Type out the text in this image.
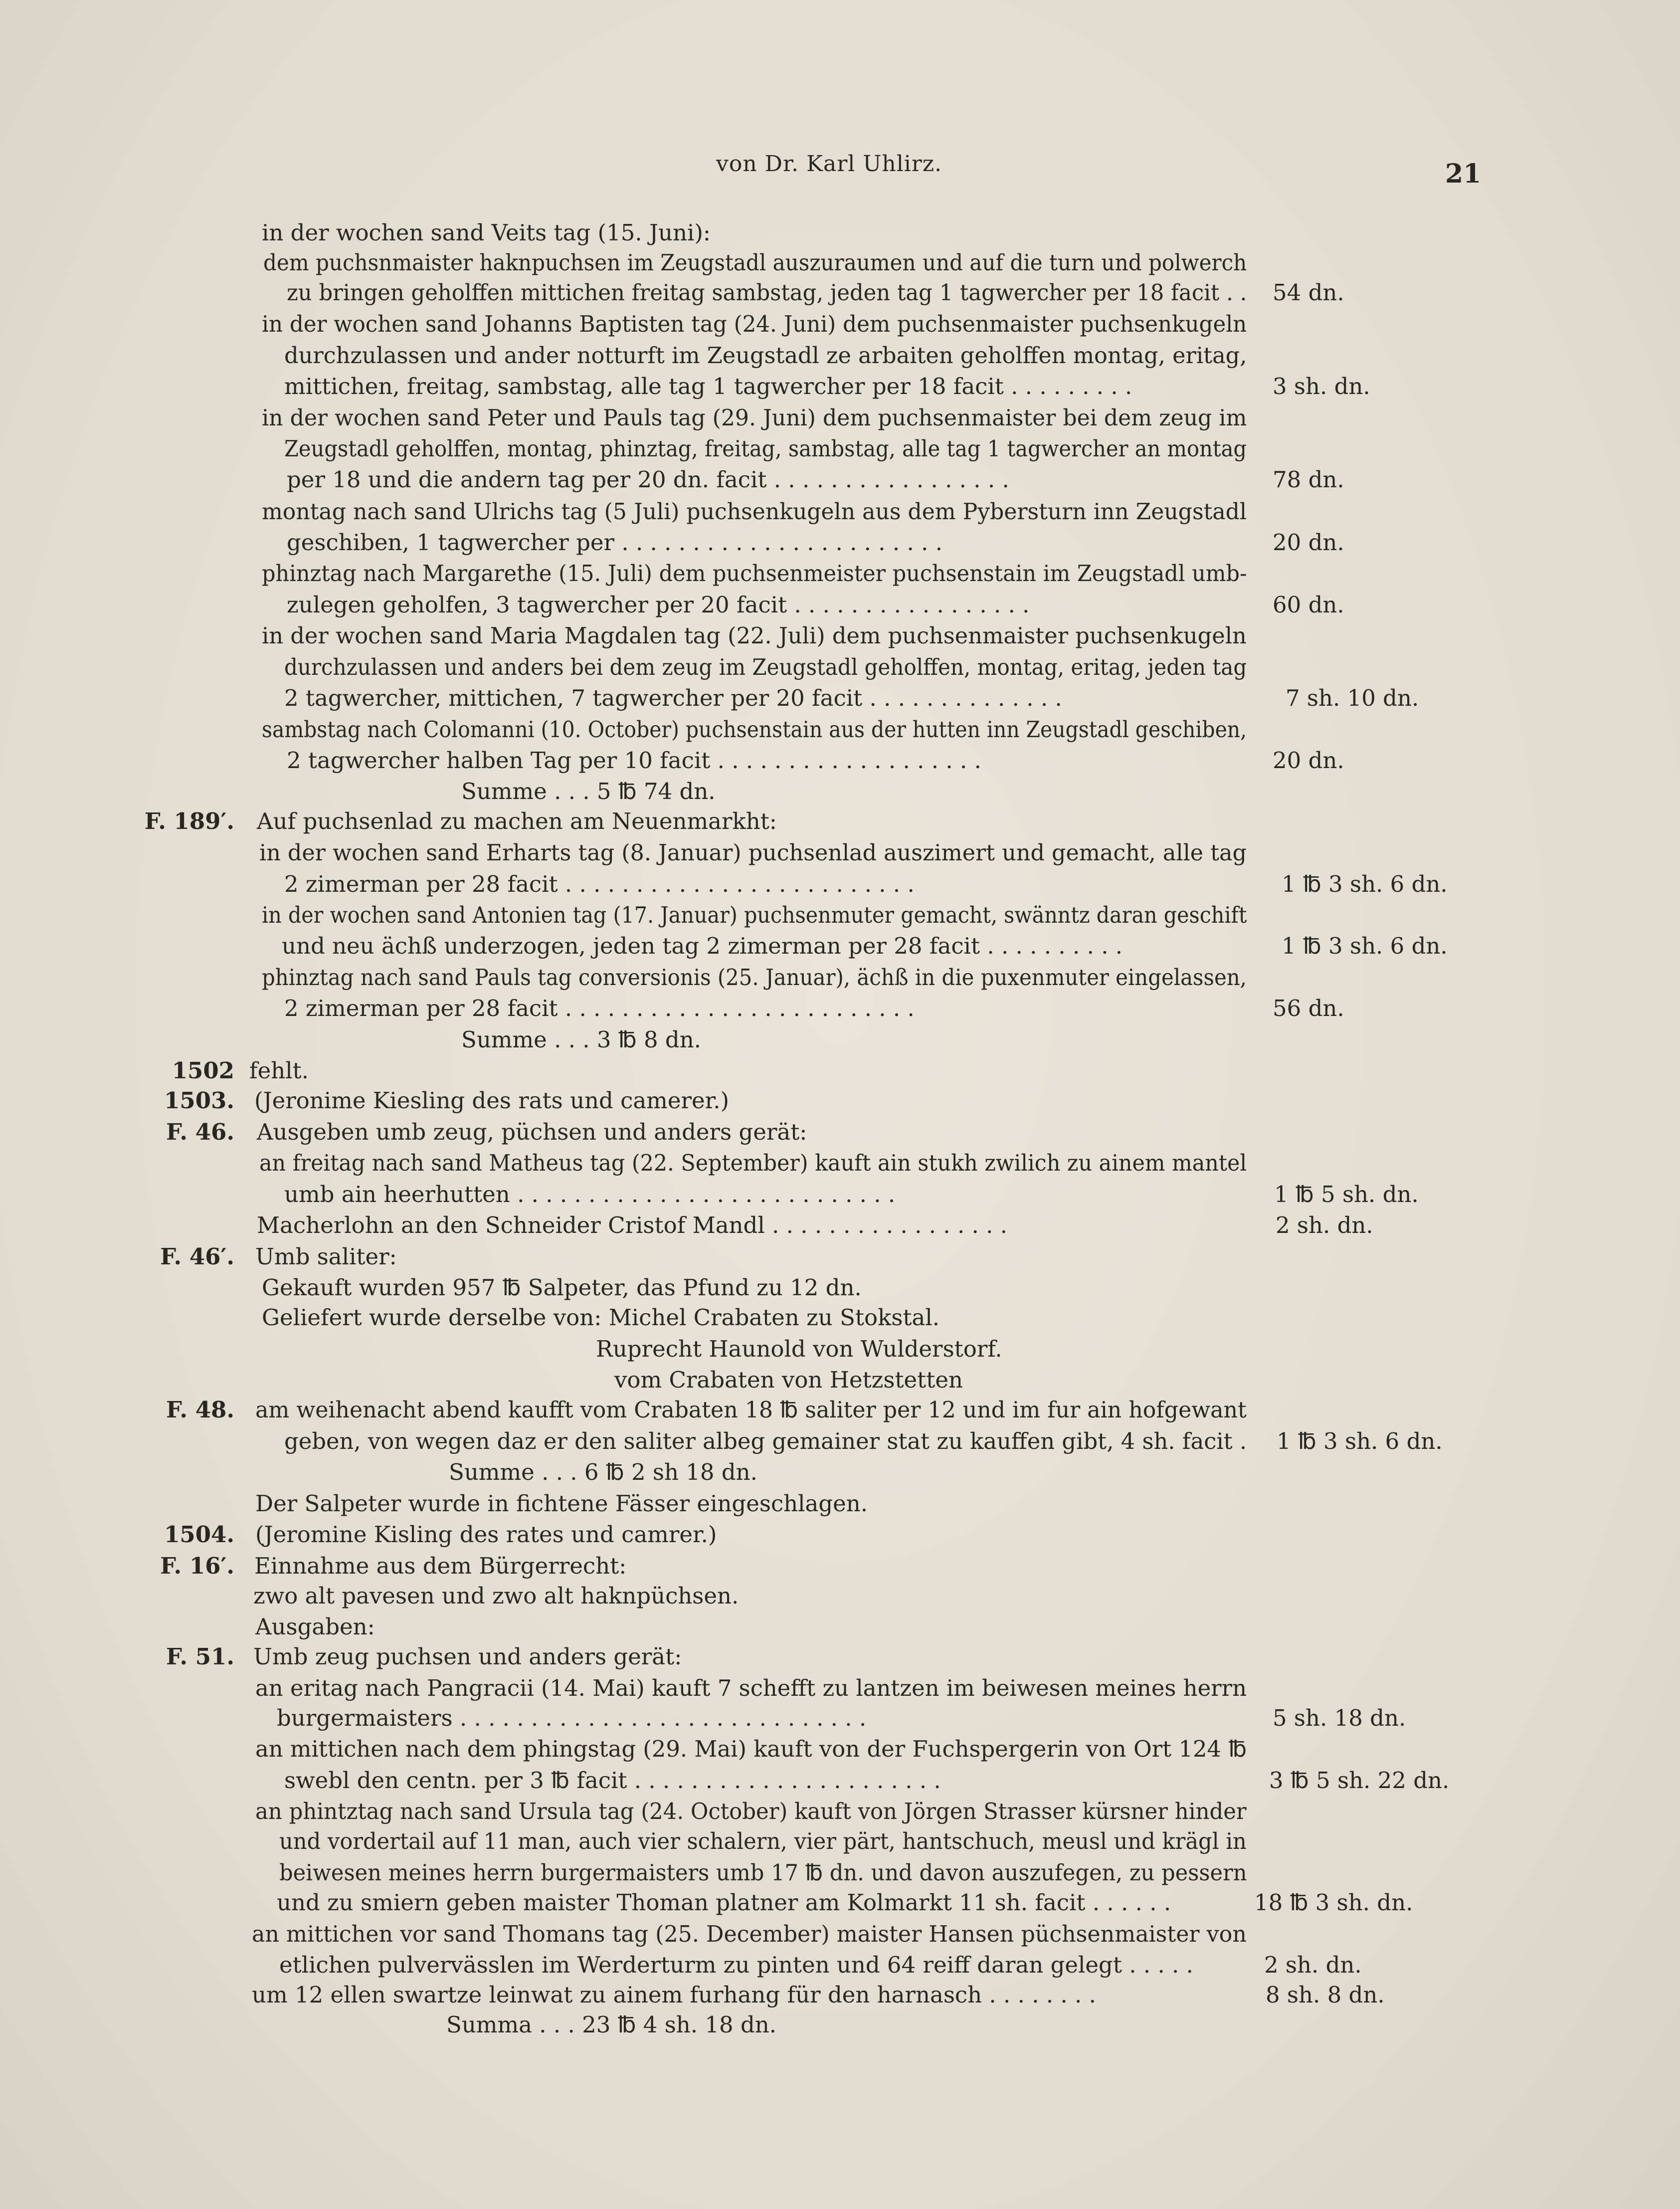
von Dr. Karl Uhlirz.	21
in der wochen sand Veits tag (15. Juni):
dem puchsnmaister haknpuchsen im Zeugstadl auszuraumen und auf die turn und polwerch
zu bringen geholffen mittichen freitag sambstag, jeden tag 1 tagwercher per 18 facit . . 54 dn.
in der wochen sand Johanns Baptisten tag (24. Juni) dem puchsenmaister puchsenkugeln
durchzulassen und ander notturft im Zeugstadl ze arbaiten geholffen montag, eritag,
mittichen, freitag, sambstag, alle tag 1 tagwercher per 18 facit . . . . . . . . .	3 sh. dn.
in der wochen sand Peter und Pauls tag (29. Juni) dem puchsenmaister bei dem zeug im
Zeugstadl geholffen, montag, phinztag, freitag, sambstag, alle tag 1 tagwercher an montag
per 18 und die andern tag per 20 dn. facit . . . . . . . . . . . . . . . . .	78 dn.
montag nach sand Ulrichs tag (5 Juli) puchsenkugeln aus dem Pybersturn inn Zeugstadl
geschiben, 1 tagwercher per . . . . . . . . . . . . . . . . . . . . . . .	20 dn.
phinztag nach Margarethe (15. Juli) dem puchsenmeister puchsenstain im Zeugstadl umb-
zulegen geholfen, 3 tagwercher per 20 facit . . . . . . . . . . . . . . . . .	60 dn.
in der wochen sand Maria Magdalen tag (22. Juli) dem puchsenmaister puchsenkugeln
durchzulassen und anders bei dem zeug im Zeugstadl geholffen, montag, eritag, jeden tag
2 tagwercher, mittichen, 7 tagwercher per 20 facit . . . . . . . . . . . . . .	7 sh. 10 dn.
sambstag nach Colomanni (10. October) puchsenstain aus der hutten inn Zeugstadl geschiben,
2 tagwercher halben Tag per 10 facit . . . . . . . . . . . . . . . . . . .	20 dn.
Summe . . . 5 ℔ 74 dn.
F. 189′. Auf puchsenlad zu machen am Neuenmarkht:
in der wochen sand Erharts tag (8. Januar) puchsenlad auszimert und gemacht, alle tag
2 zimerman per 28 facit . . . . . . . . . . . . . . . . . . . . . . . . .	1 ℔ 3 sh. 6 dn.
in der wochen sand Antonien tag (17. Januar) puchsenmuter gemacht, swänntz daran geschift
und neu ächß underzogen, jeden tag 2 zimerman per 28 facit . . . . . . . . . .	1 ℔ 3 sh. 6 dn.
phinztag nach sand Pauls tag conversionis (25. Januar), ächß in die puxenmuter eingelassen,
2 zimerman per 28 facit . . . . . . . . . . . . . . . . . . . . . . . . .	56 dn.
Summe . . . 3 ℔ 8 dn.
1502 fehlt.
1503. (Jeronime Kiesling des rats und camerer.)
F. 46. Ausgeben umb zeug, püchsen und anders gerät:
an freitag nach sand Matheus tag (22. September) kauft ain stukh zwilich zu ainem mantel
umb ain heerhutten . . . . . . . . . . . . . . . . . . . . . . . . . . .	1 ℔ 5 sh. dn.
Macherlohn an den Schneider Cristof Mandl . . . . . . . . . . . . . . . . .	2 sh. dn.
F. 46′. Umb saliter:
Gekauft wurden 957 ℔ Salpeter, das Pfund zu 12 dn.
Geliefert wurde derselbe von: Michel Crabaten zu Stokstal.
Ruprecht Haunold von Wulderstorf.
vom Crabaten von Hetzstetten
F. 48. am weihenacht abend kaufft vom Crabaten 18 ℔ saliter per 12 und im fur ain hofgewant
geben, von wegen daz er den saliter albeg gemainer stat zu kauffen gibt, 4 sh. facit . 1 ℔ 3 sh. 6 dn.
Summe . . . 6 ℔ 2 sh 18 dn.
Der Salpeter wurde in fichtene Fässer eingeschlagen.
1504. (Jeromine Kisling des rates und camrer.)
F. 16′. Einnahme aus dem Bürgerrecht:
zwo alt pavesen und zwo alt haknpüchsen.
Ausgaben:
F. 51. Umb zeug puchsen und anders gerät:
an eritag nach Pangracii (14. Mai) kauft 7 schefft zu lantzen im beiwesen meines herrn
burgermaisters . . . . . . . . . . . . . . . . . . . . . . . . . . . . .	5 sh. 18 dn.
an mittichen nach dem phingstag (29. Mai) kauft von der Fuchspergerin von Ort 124 ℔
swebl den centn. per 3 ℔ facit . . . . . . . . . . . . . . . . . . . . . .	3 ℔ 5 sh. 22 dn.
an phintztag nach sand Ursula tag (24. October) kauft von Jörgen Strasser kürsner hinder
und vordertail auf 11 man, auch vier schalern, vier pärt, hantschuch, meusl und krägl in
beiwesen meines herrn burgermaisters umb 17 ℔ dn. und davon auszufegen, zu pessern
und zu smiern geben maister Thoman platner am Kolmarkt 11 sh. facit . . . . . .	18 ℔ 3 sh. dn.
an mittichen vor sand Thomans tag (25. December) maister Hansen püchsenmaister von
etlichen pulvervässlen im Werderturm zu pinten und 64 reiff daran gelegt . . . . .	2 sh. dn.
um 12 ellen swartze leinwat zu ainem furhang für den harnasch . . . . . . . .	8 sh. 8 dn.
Summa . . . 23 ℔ 4 sh. 18 dn.
